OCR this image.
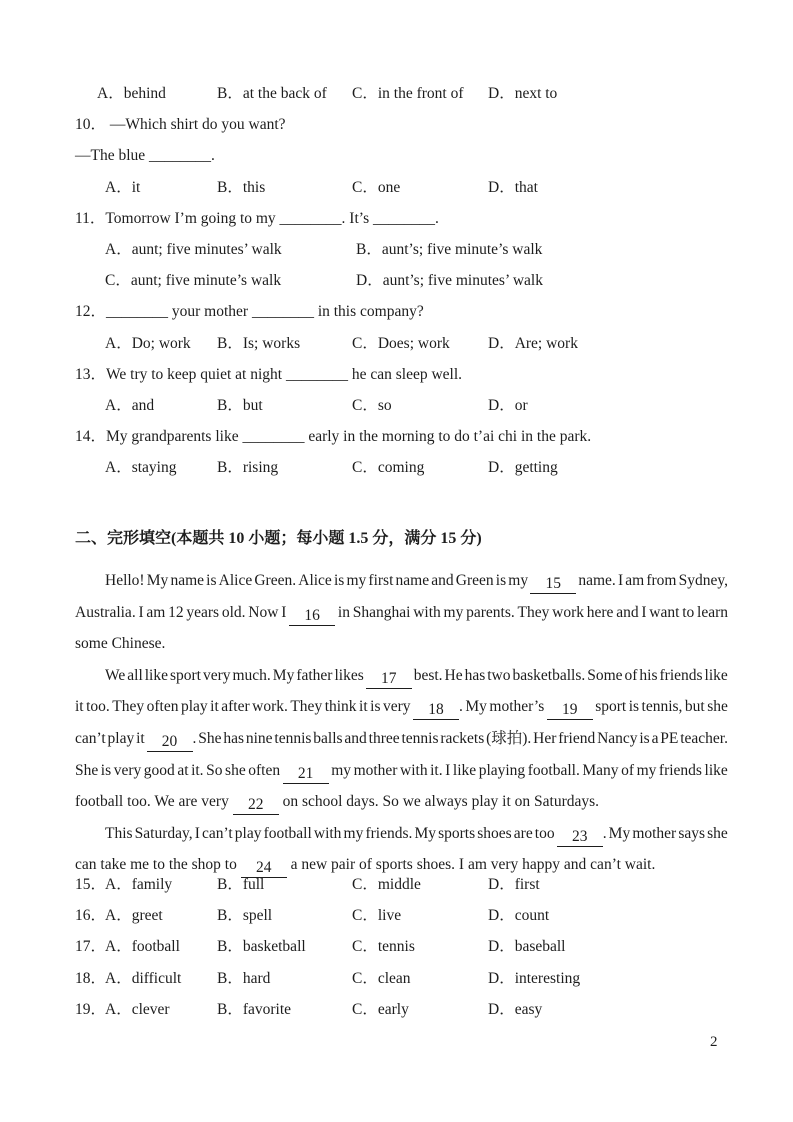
A．behind	B．at the back of C．in the front of D．next to
10． —Which shirt do you want?
—The blue ________.
A．it	B．this	C．one	D．that
11．Tomorrow I’m going to my ________. It’s ________.
A．aunt; five minutes’ walk	B．aunt’s; five minute’s walk
C．aunt; five minute’s walk	D．aunt’s; five minutes’ walk
12．________ your mother ________ in this company?
A．Do; work B．Is; works	C．Does; work D．Are; work
13．We try to keep quiet at night ________ he can sleep well.
A．and	B．but	C．so	D．or
14．My grandparents like ________ early in the morning to do t’ai chi in the park.
A．staying	B．rising	C．coming	D．getting
二、完形填空(本题共 10 小题；每小题 1.5 分，满分 15 分)
Hello! My name is Alice Green. Alice is my first name and Green is my	15	name. I am from Sydney,
Australia. I am 12 years old. Now I	16	in Shanghai with my parents. They work here and I want to learn
some Chinese.
We all like sport very much. My father likes	17	best. He has two basketballs. Some of his friends like
it too. They often play it after work. They think it is very	18 . My mother’s	19	sport is tennis, but she
can’t play it	20 . She has nine tennis balls and three tennis rackets (球拍). Her friend Nancy is a PE teacher.
She is very good at it. So she often	21	my mother with it. I like playing football. Many of my friends like
football too. We are very 22 on school days. So we always play it on Saturdays.
This Saturday, I can’t play football with my friends. My sports shoes are too	23 . My mother says she
can take me to the shop to 24 a new pair of sports shoes. I am very happy and can’t wait.
15．
A．family	B．full	C．middle	D．first
16．
A．greet	B．spell	C．live	D．count
17．
A．football B．basketball	C．tennis	D．baseball
18．
A．difficult B．hard	C．clean	D．interesting
19．
A．clever	B．favorite	C．early	D．easy
2
